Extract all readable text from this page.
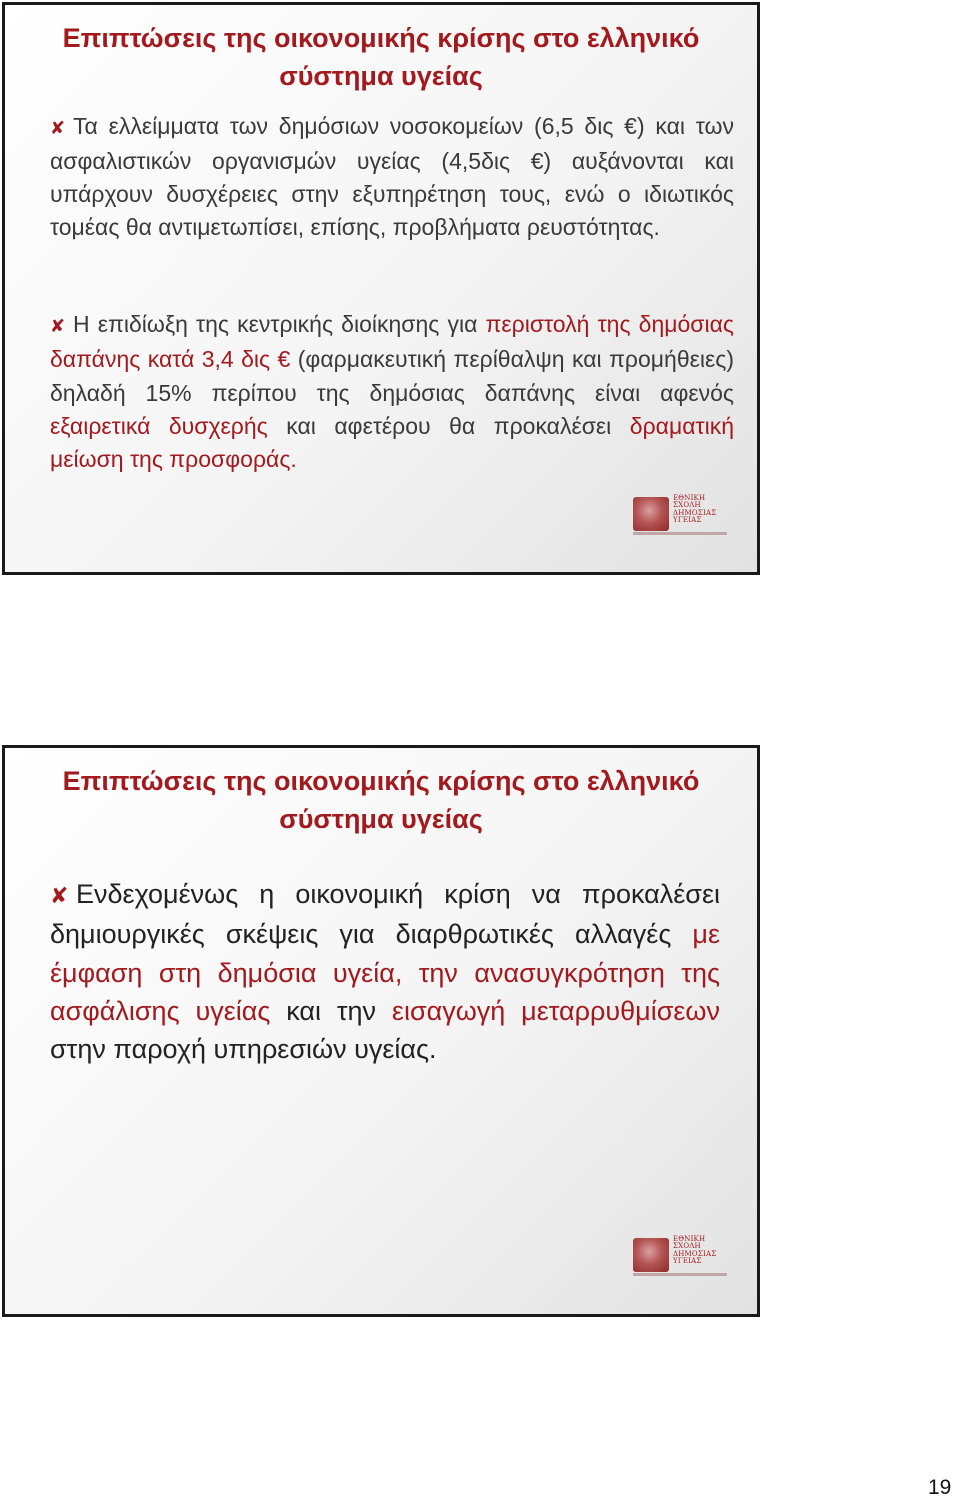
Επιπτώσεις της οικονομικής κρίσης στο ελληνικό
σύστημα υγείας
✘ Τα ελλείμματα των δημόσιων νοσοκομείων (6,5 δις €) και των ασφαλιστικών οργανισμών υγείας (4,5δις €) αυξάνονται και υπάρχουν δυσχέρειες στην εξυπηρέτηση τους, ενώ ο ιδιωτικός τομέας θα αντιμετωπίσει, επίσης, προβλήματα ρευστότητας.
✘ Η επιδίωξη της κεντρικής διοίκησης για περιστολή της δημόσιας δαπάνης κατά 3,4 δις € (φαρμακευτική περίθαλψη και προμήθειες) δηλαδή 15% περίπου της δημόσιας δαπάνης είναι αφενός εξαιρετικά δυσχερής και αφετέρου θα προκαλέσει δραματική μείωση της προσφοράς.
ΕΘΝΙΚΗ
ΣΧΟΛΗ
ΔΗΜΟΣΙΑΣ
ΥΓΕΙΑΣ
Επιπτώσεις της οικονομικής κρίσης στο ελληνικό
σύστημα υγείας
✘ Ενδεχομένως η οικονομική κρίση να προκαλέσει δημιουργικές σκέψεις για διαρθρωτικές αλλαγές με έμφαση στη δημόσια υγεία, την ανασυγκρότηση της ασφάλισης υγείας και την εισαγωγή μεταρρυθμίσεων στην παροχή υπηρεσιών υγείας.
ΕΘΝΙΚΗ
ΣΧΟΛΗ
ΔΗΜΟΣΙΑΣ
ΥΓΕΙΑΣ
19
